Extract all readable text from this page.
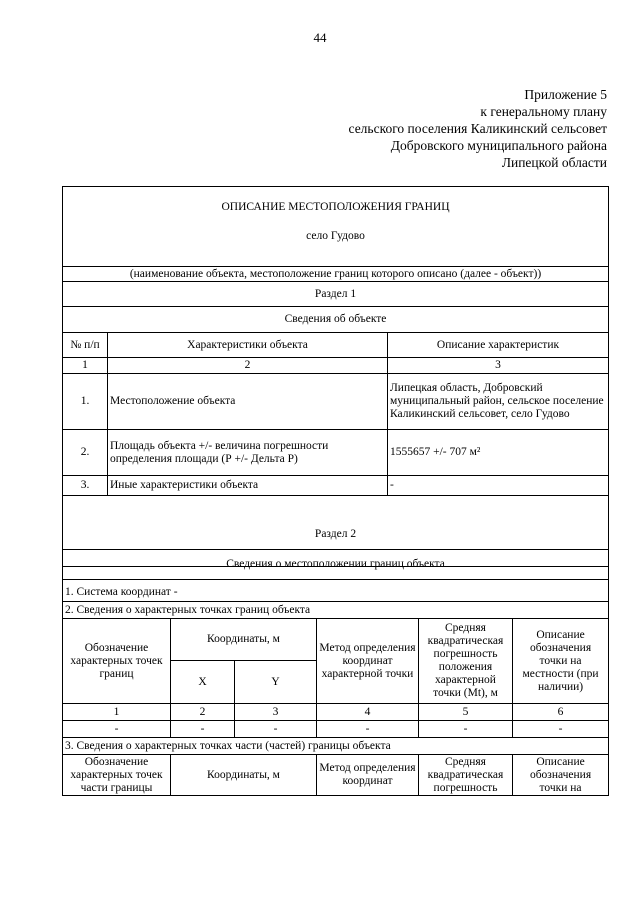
44
Приложение 5
к генеральному плану
сельского поселения Каликинский сельсовет
Добровского муниципального района
Липецкой области
ОПИСАНИЕ МЕСТОПОЛОЖЕНИЯ ГРАНИЦ
село Гудово		

(наименование объекта, местоположение границ которого описано (далее - объект))		
Раздел 1		
Сведения об объекте		
№ п/п	Характеристики объекта	Описание характеристик
1	2	3
1.	Местоположение объекта	Липецкая область, Добровский муниципальный район, сельское поселение Каликинский сельсовет, село Гудово
2.	Площадь объекта +/- величина погрешности определения площади (Р +/- Дельта Р)	1555657 +/- 707 м²
3.	Иные характеристики объекта	-
Раздел 2		
Сведения о местоположении границ объекта		
1. Система координат -					
2. Сведения о характерных точках границ объекта					
Обозначение характерных точек границ	Координаты, м		Метод определения координат характерной точки	Средняя квадратическая погрешность положения характерной точки (Mt), м	Описание обозначения точки на местности (при наличии)
	X	Y			
1	2	3	4	5	6
-	-	-	-	-	-
3. Сведения о характерных точках части (частей) границы объекта					
Обозначение характерных точек части границы	Координаты, м		Метод определения координат	Средняя квадратическая погрешность	Описание обозначения точки на
